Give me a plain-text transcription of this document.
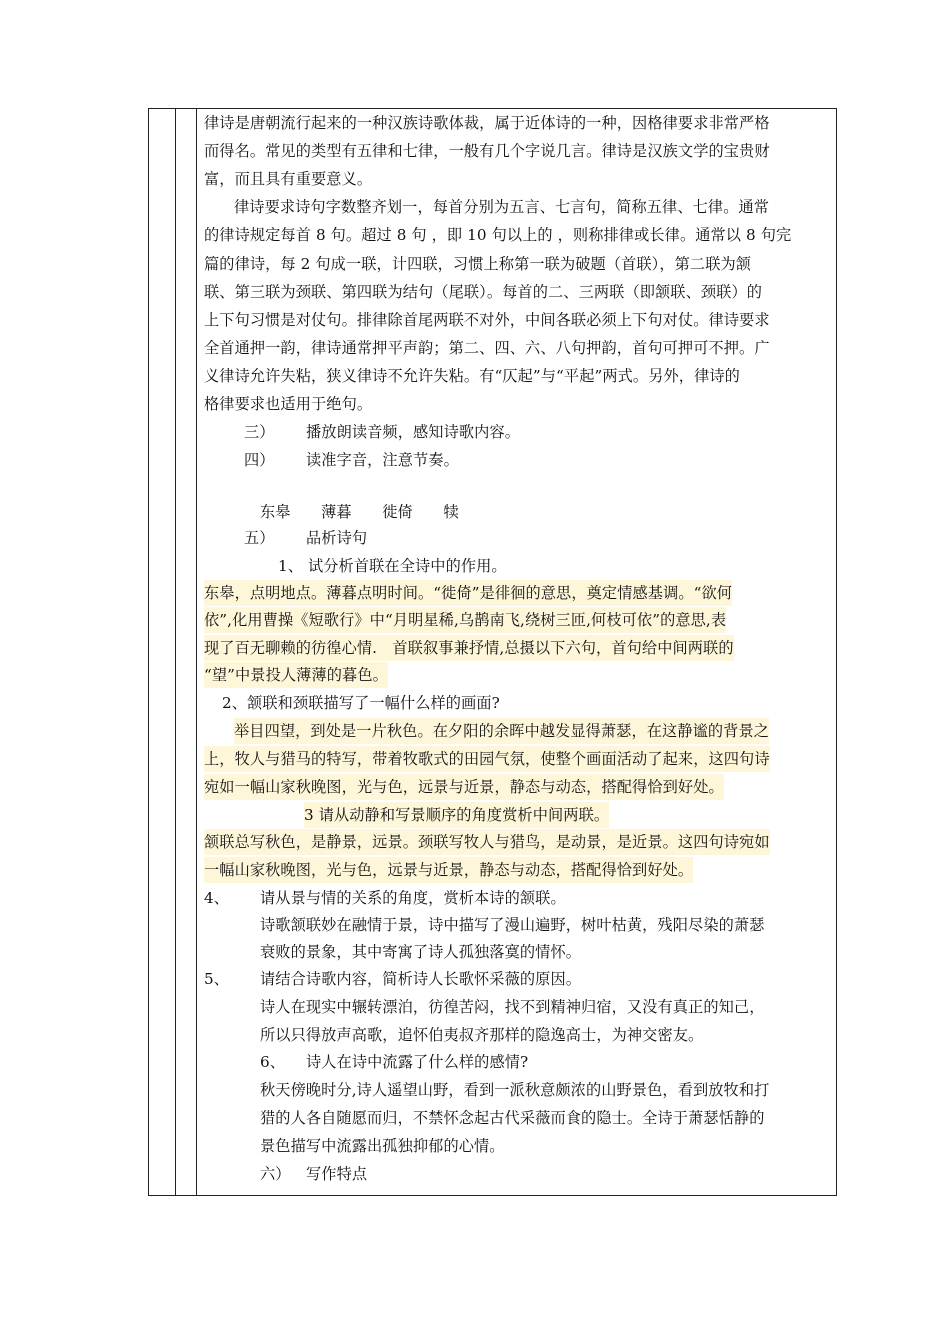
律诗是唐朝流行起来的一种汉族诗歌体裁，属于近体诗的一种，因格律要求非常严格
而得名。常见的类型有五律和七律，一般有几个字说几言。律诗是汉族文学的宝贵财
富，而且具有重要意义。
律诗要求诗句字数整齐划一，每首分别为五言、七言句，简称五律、七律。通常
的律诗规定每首 8 句。超过 8 句 ，即 10 句以上的 ，则称排律或长律。通常以 8 句完
篇的律诗，每 2 句成一联，计四联，习惯上称第一联为破题（首联），第二联为颔
联、第三联为颈联、第四联为结句（尾联）。每首的二、三两联（即颔联、颈联）的
上下句习惯是对仗句。排律除首尾两联不对外，中间各联必须上下句对仗。律诗要求
全首通押一韵，律诗通常押平声韵；第二、四、六、八句押韵，首句可押可不押。广
义律诗允许失粘，狭义律诗不允许失粘。有“仄起”与“平起”两式。另外，律诗的
格律要求也适用于绝句。
三） 播放朗读音频，感知诗歌内容。
四） 读准字音，注意节奏。
东皋　　薄暮　　徙倚　　犊
五） 品析诗句
1、 试分析首联在全诗中的作用。
东皋，点明地点。薄暮点明时间。“徙倚”是徘徊的意思，奠定情感基调。“欲何
依”,化用曹操《短歌行》中“月明星稀,乌鹊南飞,绕树三匝,何枝可依”的意思,表
现了百无聊赖的彷徨心情.　首联叙事兼抒情,总摄以下六句，首句给中间两联的
“望”中景投人薄薄的暮色。
2、颔联和颈联描写了一幅什么样的画面?
举目四望，到处是一片秋色。在夕阳的余晖中越发显得萧瑟，在这静谧的背景之
上，牧人与猎马的特写，带着牧歌式的田园气氛，使整个画面活动了起来，这四句诗
宛如一幅山家秋晚图，光与色，远景与近景，静态与动态，搭配得恰到好处。
3 请从动静和写景顺序的角度赏析中间两联。
颔联总写秋色，是静景，远景。颈联写牧人与猎鸟，是动景，是近景。这四句诗宛如
一幅山家秋晚图，光与色，远景与近景，静态与动态，搭配得恰到好处。
4、 请从景与情的关系的角度，赏析本诗的颔联。
诗歌颔联妙在融情于景，诗中描写了漫山遍野，树叶枯黄，残阳尽染的萧瑟
衰败的景象，其中寄寓了诗人孤独落寞的情怀。
5、 请结合诗歌内容，简析诗人长歌怀采薇的原因。
诗人在现实中辗转漂泊，彷徨苦闷，找不到精神归宿，又没有真正的知己，
所以只得放声高歌，追怀伯夷叔齐那样的隐逸高士，为神交密友。
6、 诗人在诗中流露了什么样的感情?
秋天傍晚时分,诗人遥望山野，看到一派秋意颇浓的山野景色，看到放牧和打
猎的人各自随愿而归，不禁怀念起古代采薇而食的隐士。全诗于萧瑟恬静的
景色描写中流露出孤独抑郁的心情。
六） 写作特点
